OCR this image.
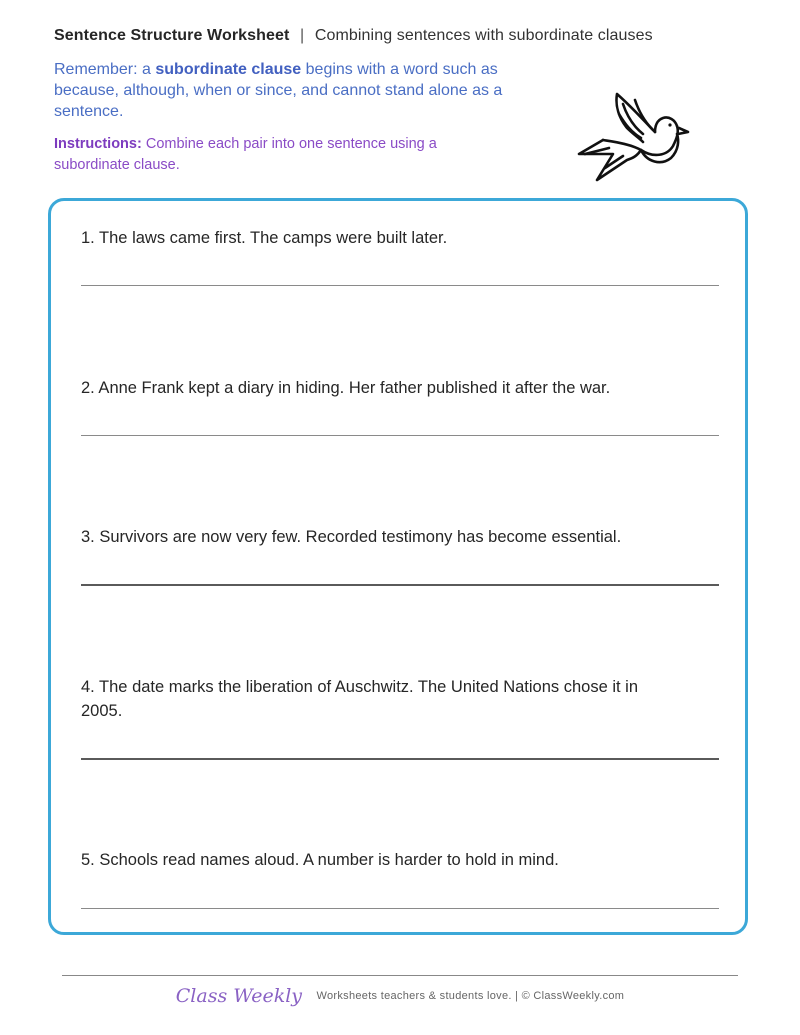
Sentence Structure Worksheet | Combining sentences with subordinate clauses
Remember: a subordinate clause begins with a word such as because, although, when or since, and cannot stand alone as a sentence.
Instructions: Combine each pair into one sentence using a subordinate clause.
1. The laws came first. The camps were built later.
2. Anne Frank kept a diary in hiding. Her father published it after the war.
3. Survivors are now very few. Recorded testimony has become essential.
4. The date marks the liberation of Auschwitz. The United Nations chose it in 2005.
5. Schools read names aloud. A number is harder to hold in mind.
Class Weekly Worksheets teachers & students love. | © ClassWeekly.com
